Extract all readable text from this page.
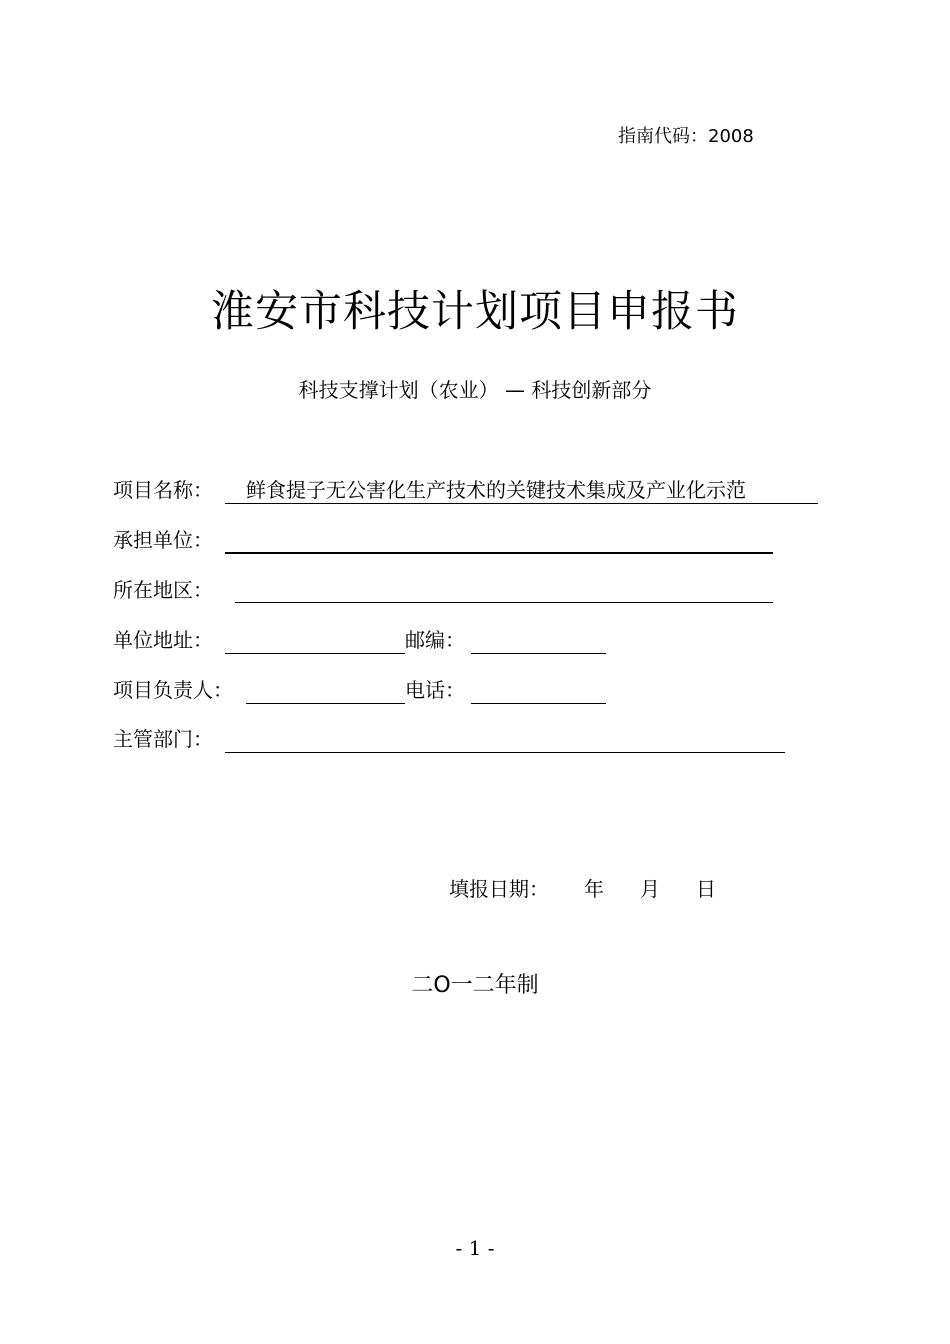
指南代码：2008
淮安市科技计划项目申报书
科技支撑计划（农业） — 科技创新部分
项目名称： 鲜食提子无公害化生产技术的关键技术集成及产业化示范
承担单位：
所在地区：
单位地址：	邮编：
项目负责人：	电话：
主管部门：
填报日期： 年 月 日
二O一二年制
- 1 -
